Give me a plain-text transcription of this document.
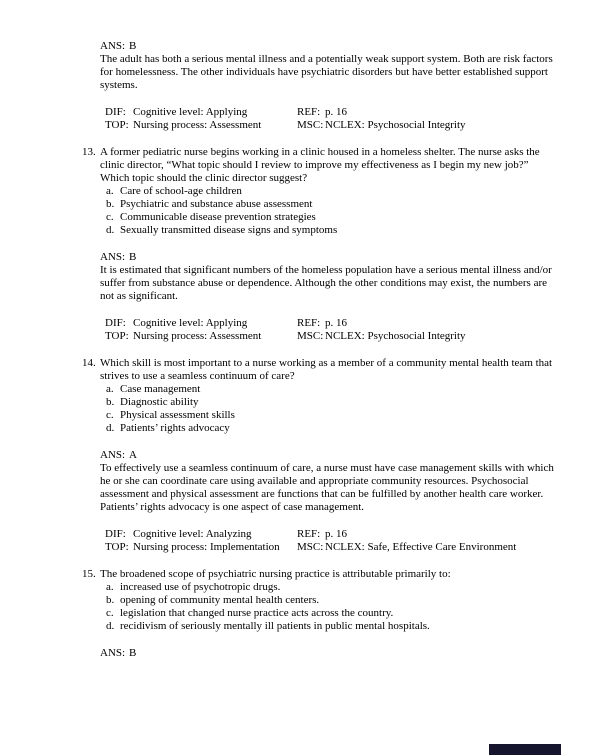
ANS: B

The adult has both a serious mental illness and a potentially weak support system. Both are risk factors for homelessness. The other individuals have psychiatric disorders but have better established support systems.

DIF: Cognitive level: Applying	REF: p. 16
TOP: Nursing process: Assessment	MSC: NCLEX: Psychosocial Integrity
13. A former pediatric nurse begins working in a clinic housed in a homeless shelter. The nurse asks the clinic director, “What topic should I review to improve my effectiveness as I begin my new job?” Which topic should the clinic director suggest?

a. Care of school-age children
b. Psychiatric and substance abuse assessment
c. Communicable disease prevention strategies
d. Sexually transmitted disease signs and symptoms
ANS: B

It is estimated that significant numbers of the homeless population have a serious mental illness and/or suffer from substance abuse or dependence. Although the other conditions may exist, the numbers are not as significant.

DIF: Cognitive level: Applying	REF: p. 16
TOP: Nursing process: Assessment	MSC: NCLEX: Psychosocial Integrity
14. Which skill is most important to a nurse working as a member of a community mental health team that strives to use a seamless continuum of care?

a. Case management
b. Diagnostic ability
c. Physical assessment skills
d. Patients’ rights advocacy
ANS: A

To effectively use a seamless continuum of care, a nurse must have case management skills with which he or she can coordinate care using available and appropriate community resources. Psychosocial assessment and physical assessment are functions that can be fulfilled by another health care worker. Patients’ rights advocacy is one aspect of case management.

DIF: Cognitive level: Analyzing	REF: p. 16
TOP: Nursing process: Implementation	MSC: NCLEX: Safe, Effective Care Environment
15. The broadened scope of psychiatric nursing practice is attributable primarily to:

a. increased use of psychotropic drugs.
b. opening of community mental health centers.
c. legislation that changed nurse practice acts across the country.
d. recidivism of seriously mentally ill patients in public mental hospitals.
ANS: B
